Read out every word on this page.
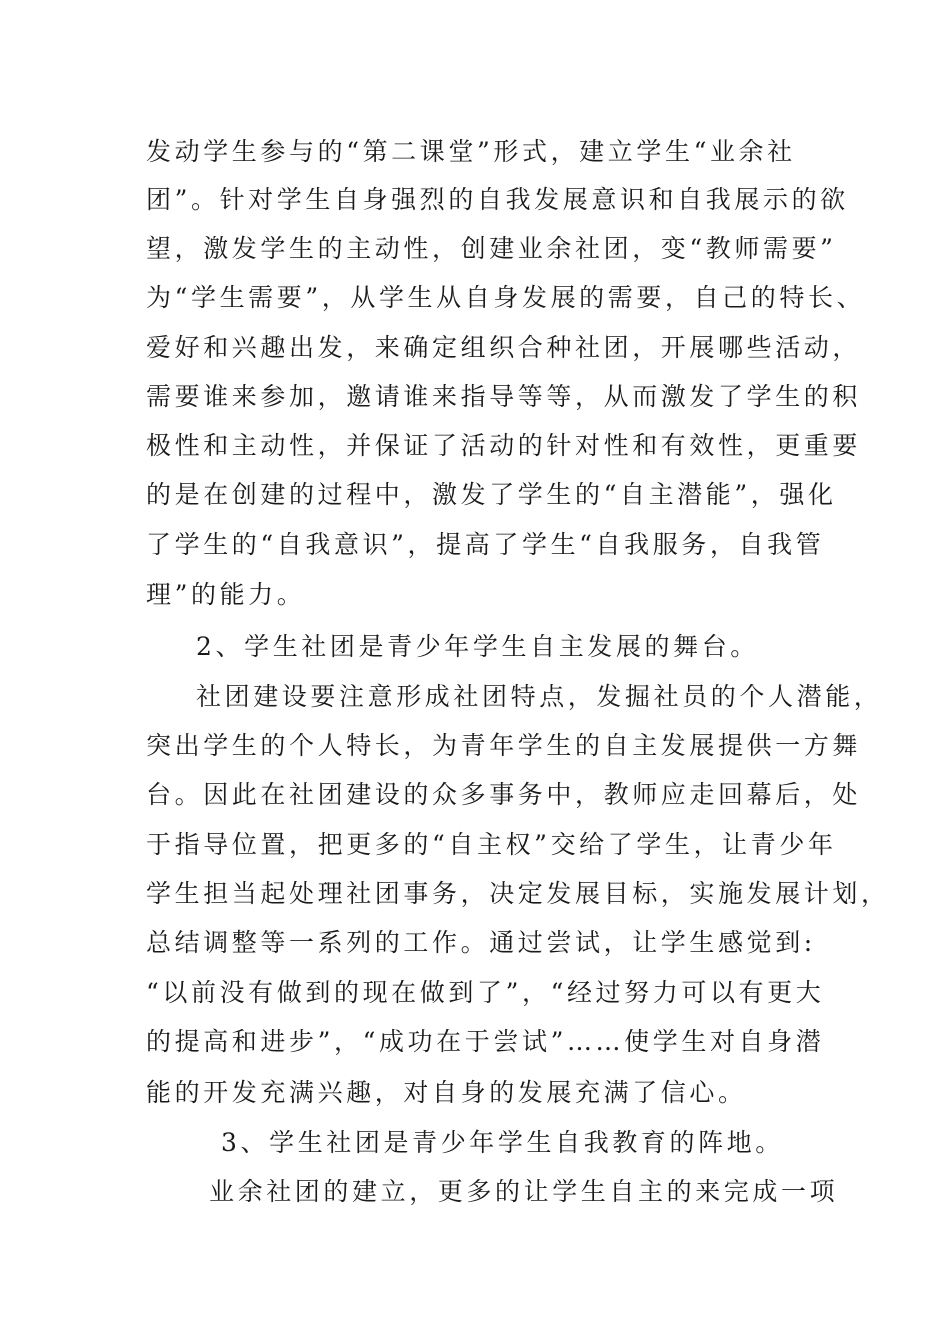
发动学生参与的“第二课堂”形式，建立学生“业余社
团”。针对学生自身强烈的自我发展意识和自我展示的欲
望，激发学生的主动性，创建业余社团，变“教师需要”
为“学生需要”，从学生从自身发展的需要，自己的特长、
爱好和兴趣出发，来确定组织合种社团，开展哪些活动，
需要谁来参加，邀请谁来指导等等，从而激发了学生的积
极性和主动性，并保证了活动的针对性和有效性，更重要
的是在创建的过程中，激发了学生的“自主潜能”，强化
了学生的“自我意识”，提高了学生“自我服务，自我管
理”的能力。
2、学生社团是青少年学生自主发展的舞台。
社团建设要注意形成社团特点，发掘社员的个人潜能，
突出学生的个人特长，为青年学生的自主发展提供一方舞
台。因此在社团建设的众多事务中，教师应走回幕后，处
于指导位置，把更多的“自主权”交给了学生，让青少年
学生担当起处理社团事务，决定发展目标，实施发展计划，
总结调整等一系列的工作。通过尝试，让学生感觉到:
“以前没有做到的现在做到了”，“经过努力可以有更大
的提高和进步”，“成功在于尝试”……使学生对自身潜
能的开发充满兴趣，对自身的发展充满了信心。
3、学生社团是青少年学生自我教育的阵地。
业余社团的建立，更多的让学生自主的来完成一项
